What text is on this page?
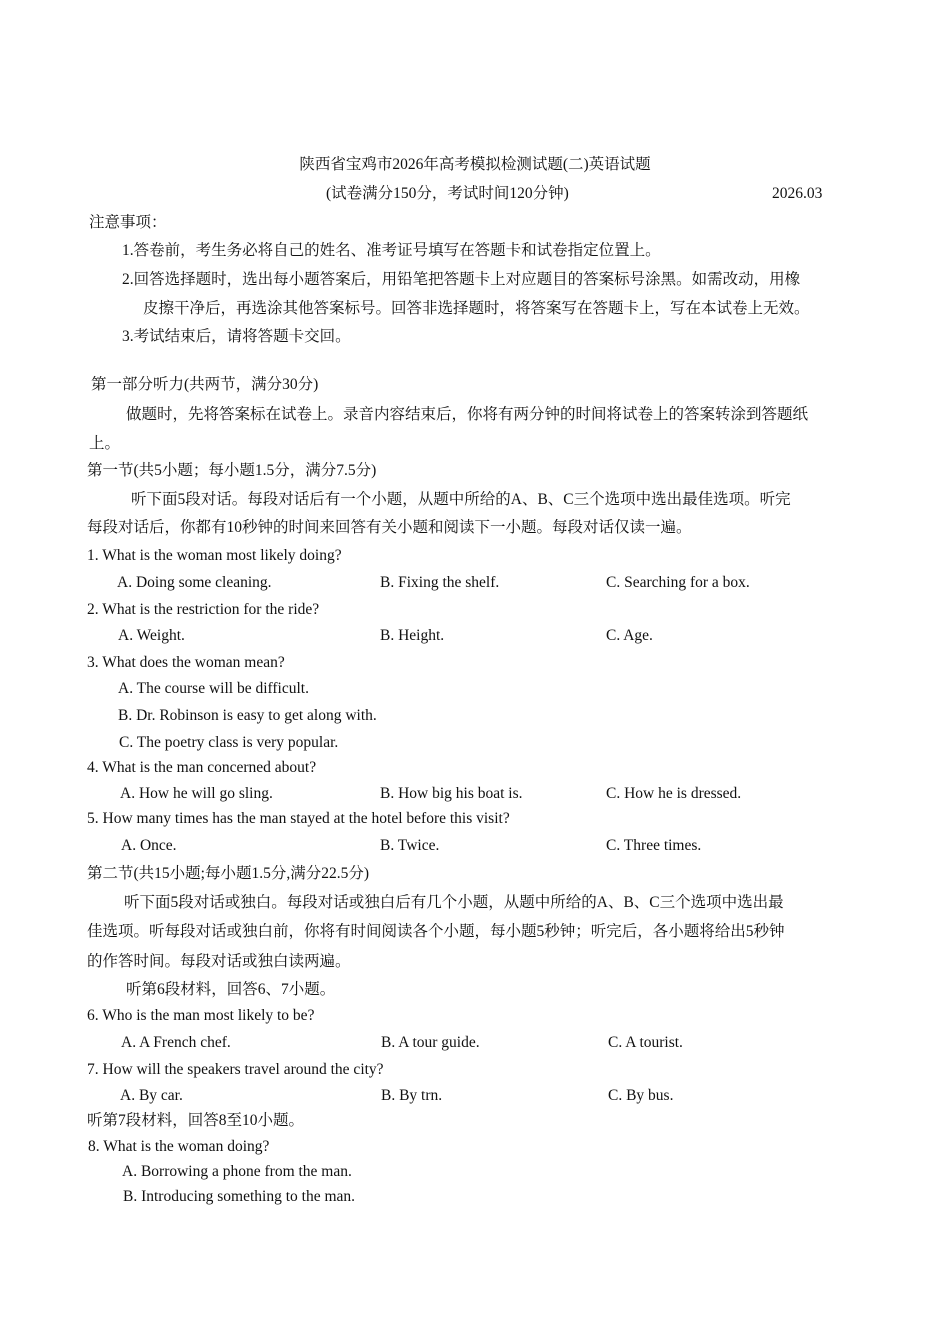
陕西省宝鸡市2026年高考模拟检测试题(二)英语试题
(试卷满分150分，考试时间120分钟)	2026.03
注意事项：
1.答卷前，考生务必将自己的姓名、准考证号填写在答题卡和试卷指定位置上。
2.回答选择题时，选出每小题答案后，用铅笔把答题卡上对应题目的答案标号涂黑。如需改动，用橡
皮擦干净后，再选涂其他答案标号。回答非选择题时，将答案写在答题卡上，写在本试卷上无效。
3.考试结束后，请将答题卡交回。
第一部分听力(共两节，满分30分)
做题时，先将答案标在试卷上。录音内容结束后，你将有两分钟的时间将试卷上的答案转涂到答题纸
上。
第一节(共5小题；每小题1.5分，满分7.5分)
听下面5段对话。每段对话后有一个小题，从题中所给的A、B、C三个选项中选出最佳选项。听完
每段对话后，你都有10秒钟的时间来回答有关小题和阅读下一小题。每段对话仅读一遍。
1. What is the woman most likely doing?
A. Doing some cleaning.	B. Fixing the shelf.	C. Searching for a box.
2. What is the restriction for the ride?
A. Weight.	B. Height.	C. Age.
3. What does the woman mean?
A. The course will be difficult.
B. Dr. Robinson is easy to get along with.
C. The poetry class is very popular.
4. What is the man concerned about?
A. How he will go sling.	B. How big his boat is.	C. How he is dressed.
5. How many times has the man stayed at the hotel before this visit?
A. Once.	B. Twice.	C. Three times.
第二节(共15小题;每小题1.5分,满分22.5分)
听下面5段对话或独白。每段对话或独白后有几个小题，从题中所给的A、B、C三个选项中选出最
佳选项。听每段对话或独白前，你将有时间阅读各个小题，每小题5秒钟；听完后，各小题将给出5秒钟
的作答时间。每段对话或独白读两遍。
听第6段材料，回答6、7小题。
6. Who is the man most likely to be?
A. A French chef.	B. A tour guide.	C. A tourist.
7. How will the speakers travel around the city?
A. By car.	B. By trn.	C. By bus.
听第7段材料，回答8至10小题。
8. What is the woman doing?
A. Borrowing a phone from the man.
B. Introducing something to the man.
